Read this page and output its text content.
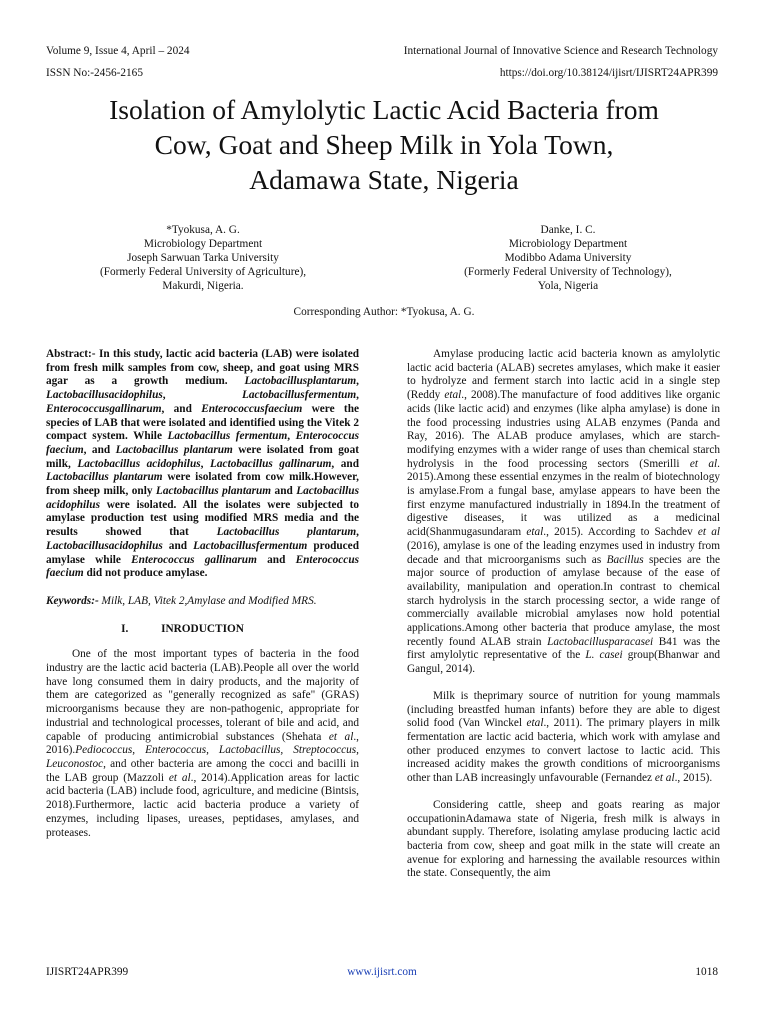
Volume 9, Issue 4, April – 2024	International Journal of Innovative Science and Research Technology
ISSN No:-2456-2165	https://doi.org/10.38124/ijisrt/IJISRT24APR399
Isolation of Amylolytic Lactic Acid Bacteria from
Cow, Goat and Sheep Milk in Yola Town,
Adamawa State, Nigeria
*Tyokusa, A. G.
Microbiology Department
Joseph Sarwuan Tarka University
(Formerly Federal University of Agriculture),
Makurdi, Nigeria.
Danke, I. C.
Microbiology Department
Modibbo Adama University
(Formerly Federal University of Technology),
Yola, Nigeria
Corresponding Author: *Tyokusa, A. G.

Abstract:- In this study, lactic acid bacteria (LAB) were isolated from fresh milk samples from cow, sheep, and goat using MRS agar as a growth medium. Lactobacillusplantarum, Lactobacillusacidophilus, Lactobacillusfermentum, Enterococcusgallinarum, and Enterococcusfaecium were the species of LAB that were isolated and identified using the Vitek 2 compact system. While Lactobacillus fermentum, Enterococcus faecium, and Lactobacillus plantarum were isolated from goat milk, Lactobacillus acidophilus, Lactobacillus gallinarum, and Lactobacillus plantarum were isolated from cow milk.However, from sheep milk, only Lactobacillus plantarum and Lactobacillus acidophilus were isolated. All the isolates were subjected to amylase production test using modified MRS media and the results showed that Lactobacillus plantarum, Lactobacillusacidophilus and Lactobacillusfermentum produced amylase while Enterococcus gallinarum and Enterococcus faecium did not produce amylase.

Keywords:- Milk, LAB, Vitek 2,Amylase and Modified MRS.

I.	INRODUCTION

One of the most important types of bacteria in the food industry are the lactic acid bacteria (LAB).People all over the world have long consumed them in dairy products, and the majority of them are categorized as "generally recognized as safe" (GRAS) microorganisms because they are non-pathogenic, appropriate for industrial and technological processes, tolerant of bile and acid, and capable of producing antimicrobial substances (Shehata et al., 2016).Pediococcus, Enterococcus, Lactobacillus, Streptococcus, Leuconostoc, and other bacteria are among the cocci and bacilli in the LAB group (Mazzoli et al., 2014).Application areas for lactic acid bacteria (LAB) include food, agriculture, and medicine (Bintsis, 2018).Furthermore, lactic acid bacteria produce a variety of enzymes, including lipases, ureases, peptidases, amylases, and proteases.

Amylase producing lactic acid bacteria known as amylolytic lactic acid bacteria (ALAB) secretes amylases, which make it easier to hydrolyze and ferment starch into lactic acid in a single step (Reddy etal., 2008).The manufacture of food additives like organic acids (like lactic acid) and enzymes (like alpha amylase) is done in the food processing industries using ALAB enzymes (Panda and Ray, 2016). The ALAB produce amylases, which are starch-modifying enzymes with a wider range of uses than chemical starch hydrolysis in the food processing sectors (Smerilli et al. 2015).Among these essential enzymes in the realm of biotechnology is amylase.From a fungal base, amylase appears to have been the first enzyme manufactured industrially in 1894.In the treatment of digestive diseases, it was utilized as a medicinal acid(Shanmugasundaram etal., 2015). According to Sachdev et al (2016), amylase is one of the leading enzymes used in industry from decade and that microorganisms such as Bacillus species are the major source of production of amylase because of the ease of availability, manipulation and operation.In contrast to chemical starch hydrolysis in the starch processing sector, a wide range of commercially available microbial amylases now hold potential applications.Among other bacteria that produce amylase, the most recently found ALAB strain Lactobacillusparacasei B41 was the first amylolytic representative of the L. casei group(Bhanwar and Gangul, 2014).

Milk is theprimary source of nutrition for young mammals (including breastfed human infants) before they are able to digest solid food (Van Winckel etal., 2011). The primary players in milk fermentation are lactic acid bacteria, which work with amylase and other produced enzymes to convert lactose to lactic acid. This increased acidity makes the growth conditions of microorganisms other than LAB increasingly unfavourable (Fernandez et al., 2015).

Considering cattle, sheep and goats rearing as major occupationinAdamawa state of Nigeria, fresh milk is always in abundant supply. Therefore, isolating amylase producing lactic acid bacteria from cow, sheep and goat milk in the state will create an avenue for exploring and harnessing the available resources within the state. Consequently, the aim

IJISRT24APR399	www.ijisrt.com	1018
